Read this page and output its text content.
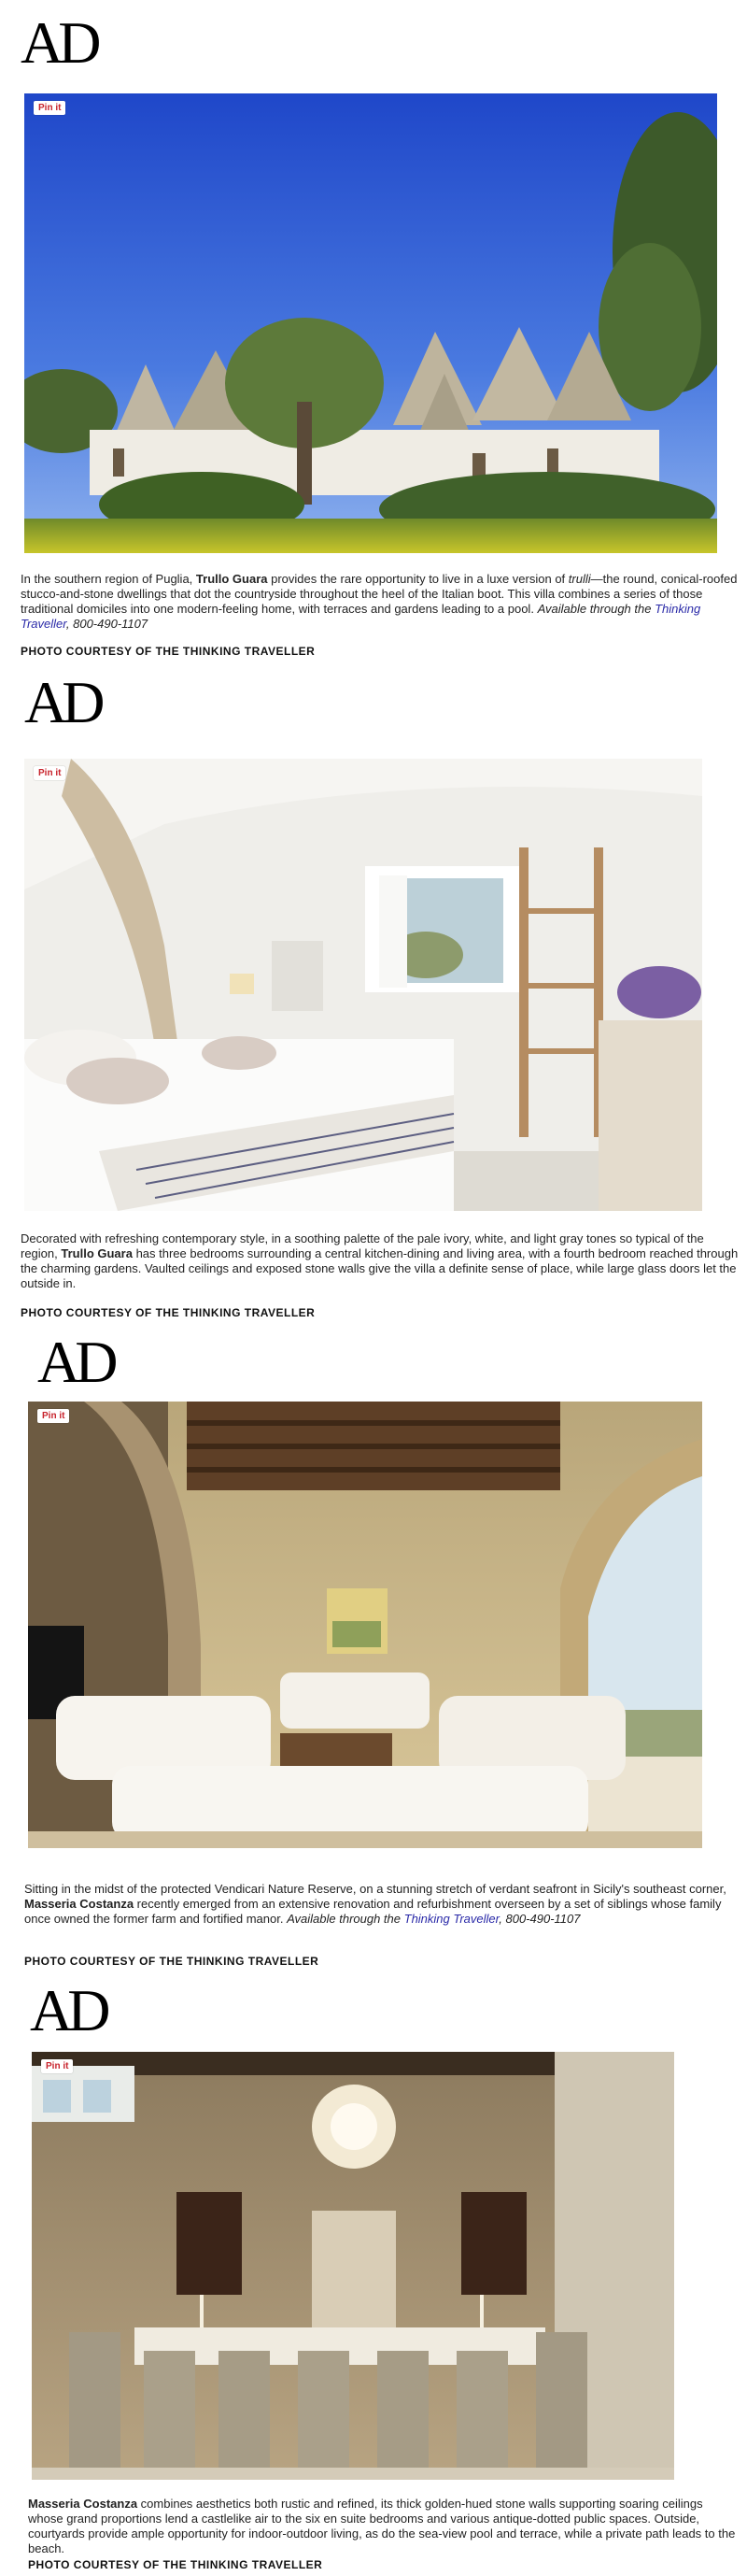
AD
Pin it
In the southern region of Puglia, Trullo Guara provides the rare opportunity to live in a luxe version of trulli—the round, conical-roofed stucco-and-stone dwellings that dot the countryside throughout the heel of the Italian boot. This villa combines a series of those traditional domiciles into one modern-feeling home, with terraces and gardens leading to a pool. Available through the Thinking Traveller, 800-490-1107
PHOTO COURTESY OF THE THINKING TRAVELLER
AD
Pin it
Decorated with refreshing contemporary style, in a soothing palette of the pale ivory, white, and light gray tones so typical of the region, Trullo Guara has three bedrooms surrounding a central kitchen-dining and living area, with a fourth bedroom reached through the charming gardens. Vaulted ceilings and exposed stone walls give the villa a definite sense of place, while large glass doors let the outside in.
PHOTO COURTESY OF THE THINKING TRAVELLER
AD
Pin it
Sitting in the midst of the protected Vendicari Nature Reserve, on a stunning stretch of verdant seafront in Sicily's southeast corner, Masseria Costanza recently emerged from an extensive renovation and refurbishment overseen by a set of siblings whose family once owned the former farm and fortified manor. Available through the Thinking Traveller, 800-490-1107
PHOTO COURTESY OF THE THINKING TRAVELLER
AD
Pin it
Masseria Costanza combines aesthetics both rustic and refined, its thick golden-hued stone walls supporting soaring ceilings whose grand proportions lend a castlelike air to the six en suite bedrooms and various antique-dotted public spaces. Outside, courtyards provide ample opportunity for indoor-outdoor living, as do the sea-view pool and terrace, while a private path leads to the beach.
PHOTO COURTESY OF THE THINKING TRAVELLER
